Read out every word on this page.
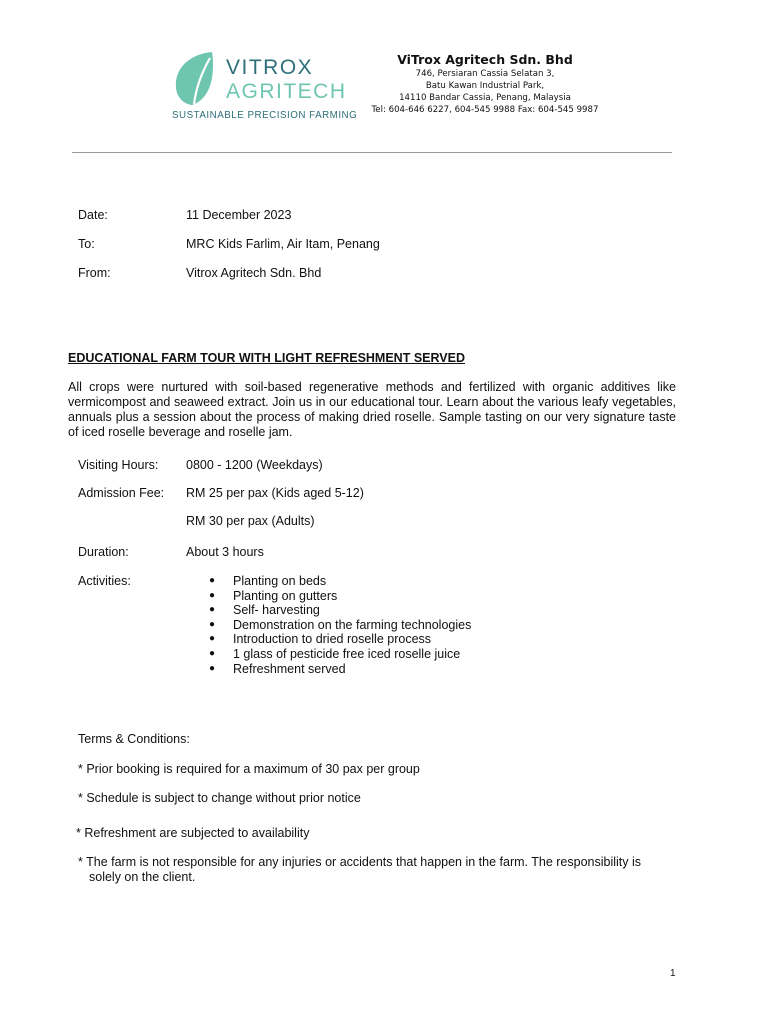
VITROX
AGRITECH
SUSTAINABLE PRECISION FARMING
ViTrox Agritech Sdn. Bhd
746, Persiaran Cassia Selatan 3,
Batu Kawan Industrial Park,
14110 Bandar Cassia, Penang, Malaysia
Tel: 604-646 6227, 604-545 9988 Fax: 604-545 9987
Date:	11 December 2023
To:	MRC Kids Farlim, Air Itam, Penang
From:	Vitrox Agritech Sdn. Bhd
EDUCATIONAL FARM TOUR WITH LIGHT REFRESHMENT SERVED

All crops were nurtured with soil-based regenerative methods and fertilized with organic additives like vermicompost and seaweed extract. Join us in our educational tour. Learn about the various leafy vegetables, annuals plus a session about the process of making dried roselle. Sample tasting on our very signature taste of iced roselle beverage and roselle jam.

Visiting Hours: 0800 - 1200 (Weekdays)
Admission Fee: RM 25 per pax (Kids aged 5-12)
RM 30 per pax (Adults)
Duration:	About 3 hours
Activities:
●	Planting on beds
● Planting on gutters
● Self- harvesting
● Demonstration on the farming technologies
● Introduction to dried roselle process
● 1 glass of pesticide free iced roselle juice
● Refreshment served
Terms & Conditions:
* Prior booking is required for a maximum of 30 pax per group
* Schedule is subject to change without prior notice
* Refreshment are subjected to availability
* The farm is not responsible for any injuries or accidents that happen in the farm. The responsibility is
solely on the client.
1
